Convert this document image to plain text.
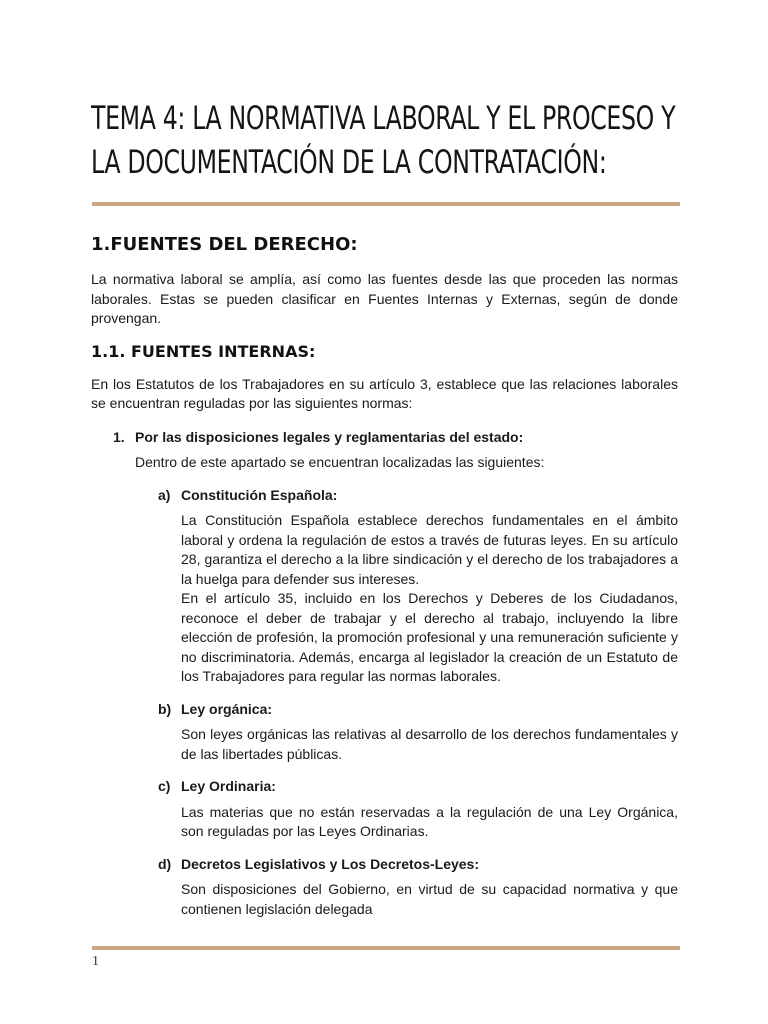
TEMA 4: LA NORMATIVA LABORAL Y EL PROCESO Y
LA DOCUMENTACIÓN DE LA CONTRATACIÓN:
1.FUENTES DEL DERECHO:

La normativa laboral se amplía, así como las fuentes desde las que proceden las normas laborales. Estas se pueden clasificar en Fuentes Internas y Externas, según de donde provengan.

1.1. FUENTES INTERNAS:

En los Estatutos de los Trabajadores en su artículo 3, establece que las relaciones laborales se encuentran reguladas por las siguientes normas:

1. Por las disposiciones legales y reglamentarias del estado:

Dentro de este apartado se encuentran localizadas las siguientes:

a) Constitución Española:

La Constitución Española establece derechos fundamentales en el ámbito laboral y ordena la regulación de estos a través de futuras leyes. En su artículo 28, garantiza el derecho a la libre sindicación y el derecho de los trabajadores a la huelga para defender sus intereses.

En el artículo 35, incluido en los Derechos y Deberes de los Ciudadanos, reconoce el deber de trabajar y el derecho al trabajo, incluyendo la libre elección de profesión, la promoción profesional y una remuneración suficiente y no discriminatoria. Además, encarga al legislador la creación de un Estatuto de los Trabajadores para regular las normas laborales.

b) Ley orgánica:

Son leyes orgánicas las relativas al desarrollo de los derechos fundamentales y de las libertades públicas.

c) Ley Ordinaria:

Las materias que no están reservadas a la regulación de una Ley Orgánica, son reguladas por las Leyes Ordinarias.

d) Decretos Legislativos y Los Decretos-Leyes:

Son disposiciones del Gobierno, en virtud de su capacidad normativa y que contienen legislación delegada

1
